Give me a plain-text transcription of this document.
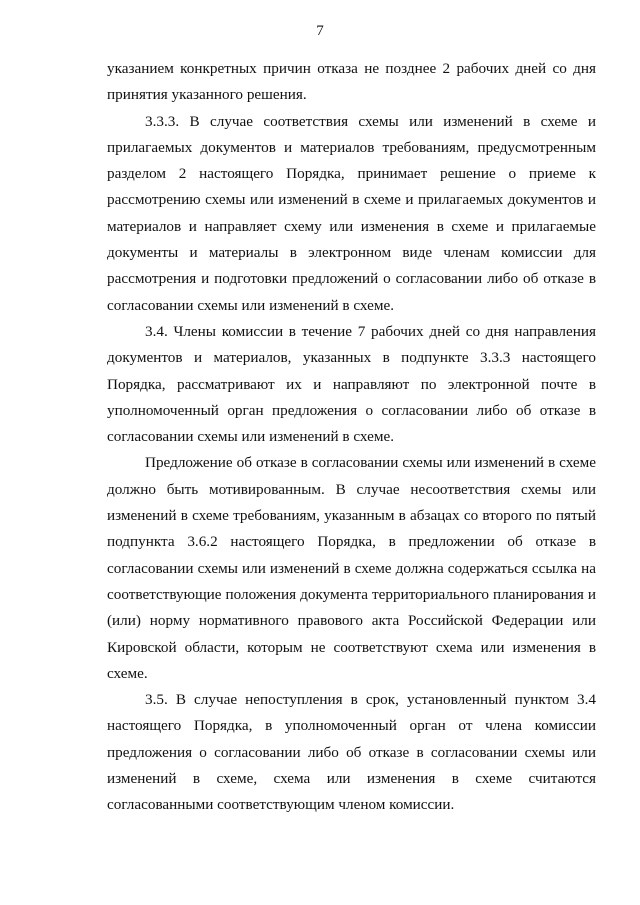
7

указанием конкретных причин отказа не позднее 2 рабочих дней со дня принятия указанного решения.

3.3.3. В случае соответствия схемы или изменений в схеме и прилагаемых документов и материалов требованиям, предусмотренным разделом 2 настоящего Порядка, принимает решение о приеме к рассмотрению схемы или изменений в схеме и прилагаемых документов и материалов и направляет схему или изменения в схеме и прилагаемые документы и материалы в электронном виде членам комиссии для рассмотрения и подготовки предложений о согласовании либо об отказе в согласовании схемы или изменений в схеме.

3.4. Члены комиссии в течение 7 рабочих дней со дня направления документов и материалов, указанных в подпункте 3.3.3 настоящего Порядка, рассматривают их и направляют по электронной почте в уполномоченный орган предложения о согласовании либо об отказе в согласовании схемы или изменений в схеме.

Предложение об отказе в согласовании схемы или изменений в схеме должно быть мотивированным. В случае несоответствия схемы или изменений в схеме требованиям, указанным в абзацах со второго по пятый подпункта 3.6.2 настоящего Порядка, в предложении об отказе в согласовании схемы или изменений в схеме должна содержаться ссылка на соответствующие положения документа территориального планирования и (или) норму нормативного правового акта Российской Федерации или Кировской области, которым не соответствуют схема или изменения в схеме.

3.5. В случае непоступления в срок, установленный пунктом 3.4 настоящего Порядка, в уполномоченный орган от члена комиссии предложения о согласовании либо об отказе в согласовании схемы или изменений в схеме, схема или изменения в схеме считаются согласованными соответствующим членом комиссии.
